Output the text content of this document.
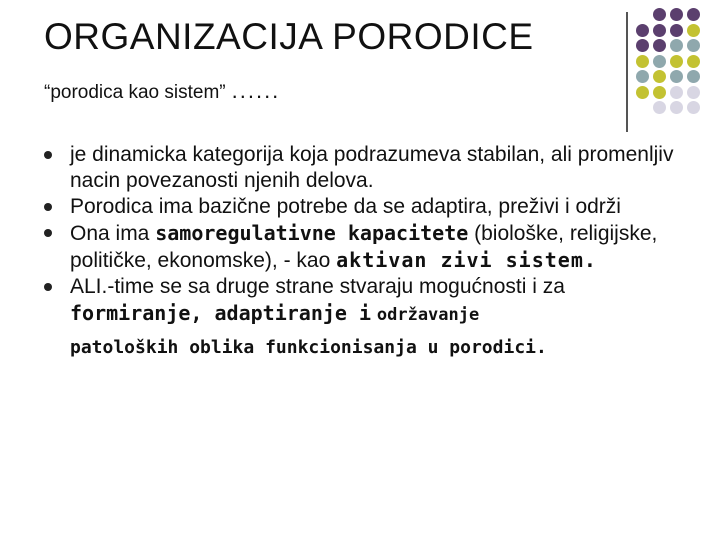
ORGANIZACIJA PORODICE
“porodica kao sistem” ......
je dinamicka kategorija koja podrazumeva stabilan, ali promenljiv nacin povezanosti njenih delova.
Porodica ima bazične potrebe da se adaptira, preživi i održi
Ona ima samoregulativne kapacitete (biološke, religijske, političke, ekonomske), - kao aktivan zivi sistem.
ALI.-time se sa druge strane stvaraju mogućnosti i za formiranje, adaptiranje i održavanje
patoloških oblika funkcionisanja u porodici.
